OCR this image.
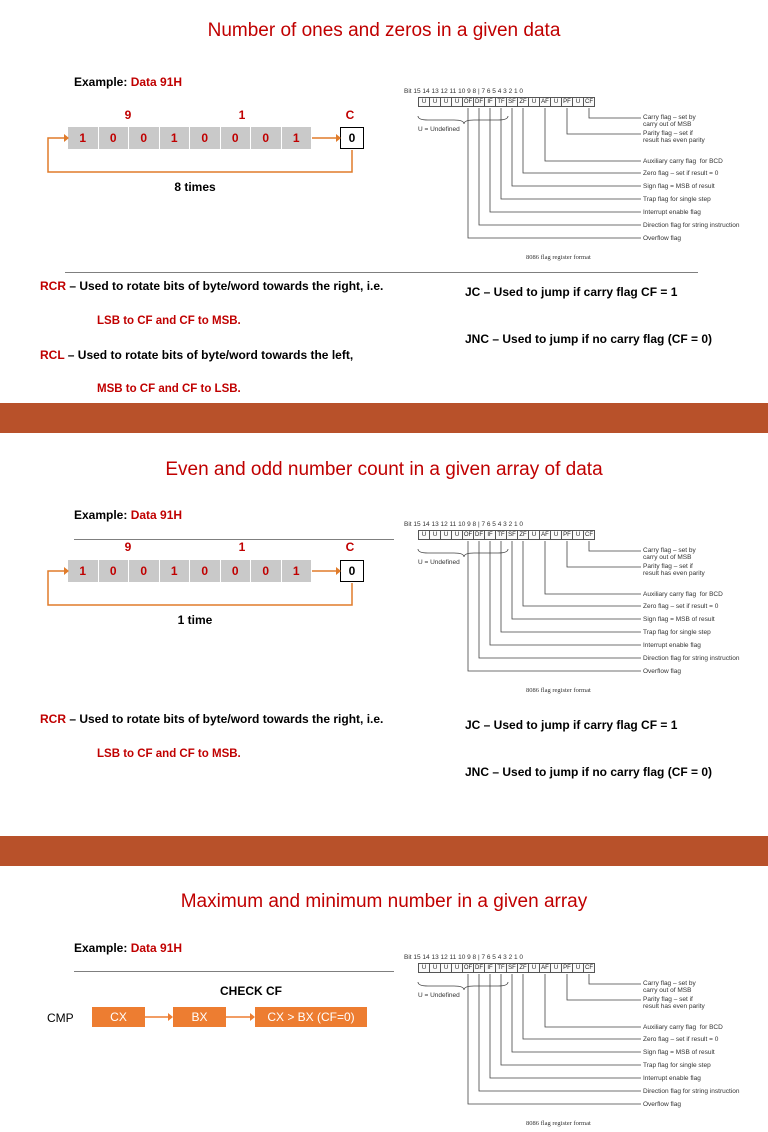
Number of ones and zeros in a given data
Example: Data 91H
9	1	C
1	0	0	1	0	0	0	1	0
8 times
RCR – Used to rotate bits of byte/word towards the right, i.e.
LSB to CF and CF to MSB.
RCL – Used to rotate bits of byte/word towards the left,
MSB to CF and CF to LSB.
JC – Used to jump if carry flag CF = 1
JNC – Used to jump if no carry flag (CF = 0)
Even and odd number count in a given array of data
Example: Data 91H
9	1	C
1	0	0	1	0	0	0	1	0
1 time
RCR – Used to rotate bits of byte/word towards the right, i.e.
LSB to CF and CF to MSB.
JC – Used to jump if carry flag CF = 1
JNC – Used to jump if no carry flag (CF = 0)
Maximum and minimum number in a given array
Example: Data 91H
CHECK CF
CMP	CX	BX	CX > BX (CF=0)
Bit 15 14 13 12 11 10 9 8 | 7 6 5 4 3 2 1 0
U	U	U	U OF DF IF TF SF ZF U AF U PF U CF
U = Undefined
Carry flag – set by
carry out of MSB
Parity flag – set if
result has even parity
Auxiliary carry flag  for BCD
Zero flag – set if result = 0
Sign flag = MSB of result
Trap flag for single step
Interrupt enable flag
Direction flag for string instruction
Overflow flag
8086 flag register format
Bit 15 14 13 12 11 10 9 8 | 7 6 5 4 3 2 1 0
U	U	U	U OF DF IF TF SF ZF U AF U PF U CF
U = Undefined
Carry flag – set by
carry out of MSB
Parity flag – set if
result has even parity
Auxiliary carry flag  for BCD
Zero flag – set if result = 0
Sign flag = MSB of result
Trap flag for single step
Interrupt enable flag
Direction flag for string instruction
Overflow flag
8086 flag register format
Bit 15 14 13 12 11 10 9 8 | 7 6 5 4 3 2 1 0
U	U	U	U OF DF IF TF SF ZF U AF U PF U CF
U = Undefined
Carry flag – set by
carry out of MSB
Parity flag – set if
result has even parity
Auxiliary carry flag  for BCD
Zero flag – set if result = 0
Sign flag = MSB of result
Trap flag for single step
Interrupt enable flag
Direction flag for string instruction
Overflow flag
8086 flag register format
